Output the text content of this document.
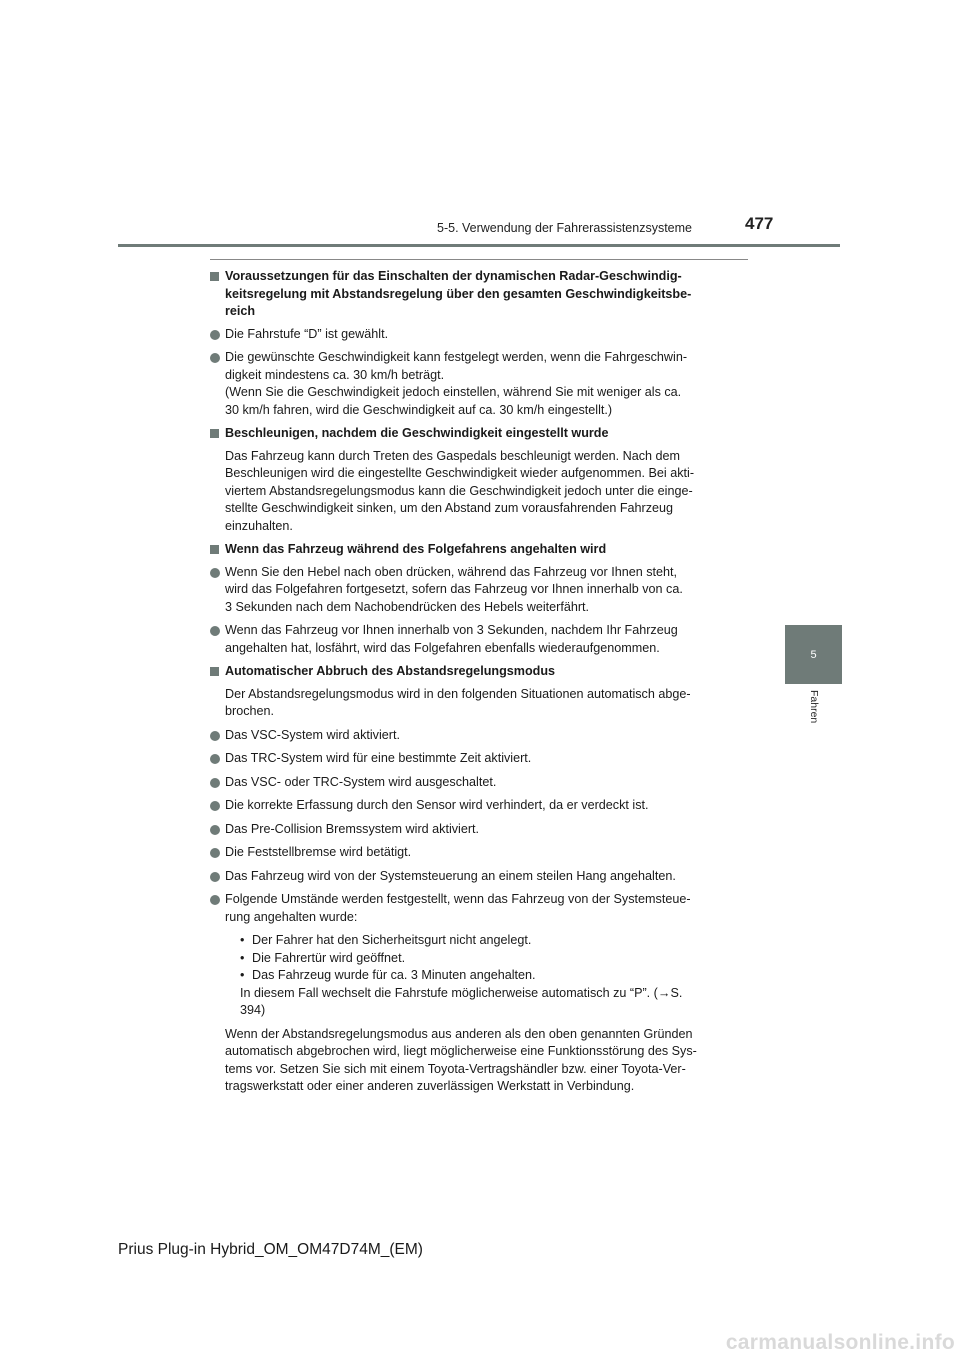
5-5. Verwendung der Fahrerassistenzsysteme	477
5
Fahren
Voraussetzungen für das Einschalten der dynamischen Radar-Geschwindig-
keitsregelung mit Abstandsregelung über den gesamten Geschwindigkeitsbe-
reich
Die Fahrstufe “D” ist gewählt.
Die gewünschte Geschwindigkeit kann festgelegt werden, wenn die Fahrgeschwin-
digkeit mindestens ca. 30 km/h beträgt.
(Wenn Sie die Geschwindigkeit jedoch einstellen, während Sie mit weniger als ca.
30 km/h fahren, wird die Geschwindigkeit auf ca. 30 km/h eingestellt.)
Beschleunigen, nachdem die Geschwindigkeit eingestellt wurde
Das Fahrzeug kann durch Treten des Gaspedals beschleunigt werden. Nach dem
Beschleunigen wird die eingestellte Geschwindigkeit wieder aufgenommen. Bei akti-
viertem Abstandsregelungsmodus kann die Geschwindigkeit jedoch unter die einge-
stellte Geschwindigkeit sinken, um den Abstand zum vorausfahrenden Fahrzeug
einzuhalten.
Wenn das Fahrzeug während des Folgefahrens angehalten wird
Wenn Sie den Hebel nach oben drücken, während das Fahrzeug vor Ihnen steht,
wird das Folgefahren fortgesetzt, sofern das Fahrzeug vor Ihnen innerhalb von ca.
3 Sekunden nach dem Nachobendrücken des Hebels weiterfährt.
Wenn das Fahrzeug vor Ihnen innerhalb von 3 Sekunden, nachdem Ihr Fahrzeug
angehalten hat, losfährt, wird das Folgefahren ebenfalls wiederaufgenommen.
Automatischer Abbruch des Abstandsregelungsmodus
Der Abstandsregelungsmodus wird in den folgenden Situationen automatisch abge-
brochen.
Das VSC-System wird aktiviert.
Das TRC-System wird für eine bestimmte Zeit aktiviert.
Das VSC- oder TRC-System wird ausgeschaltet.
Die korrekte Erfassung durch den Sensor wird verhindert, da er verdeckt ist.
Das Pre-Collision Bremssystem wird aktiviert.
Die Feststellbremse wird betätigt.
Das Fahrzeug wird von der Systemsteuerung an einem steilen Hang angehalten.
Folgende Umstände werden festgestellt, wenn das Fahrzeug von der Systemsteue-
rung angehalten wurde:
• Der Fahrer hat den Sicherheitsgurt nicht angelegt.
• Die Fahrertür wird geöffnet.
• Das Fahrzeug wurde für ca. 3 Minuten angehalten.
In diesem Fall wechselt die Fahrstufe möglicherweise automatisch zu “P”. (→S.
394)
Wenn der Abstandsregelungsmodus aus anderen als den oben genannten Gründen
automatisch abgebrochen wird, liegt möglicherweise eine Funktionsstörung des Sys-
tems vor. Setzen Sie sich mit einem Toyota-Vertragshändler bzw. einer Toyota-Ver-
tragswerkstatt oder einer anderen zuverlässigen Werkstatt in Verbindung.
Prius Plug-in Hybrid_OM_OM47D74M_(EM)
carmanualsonline.info
